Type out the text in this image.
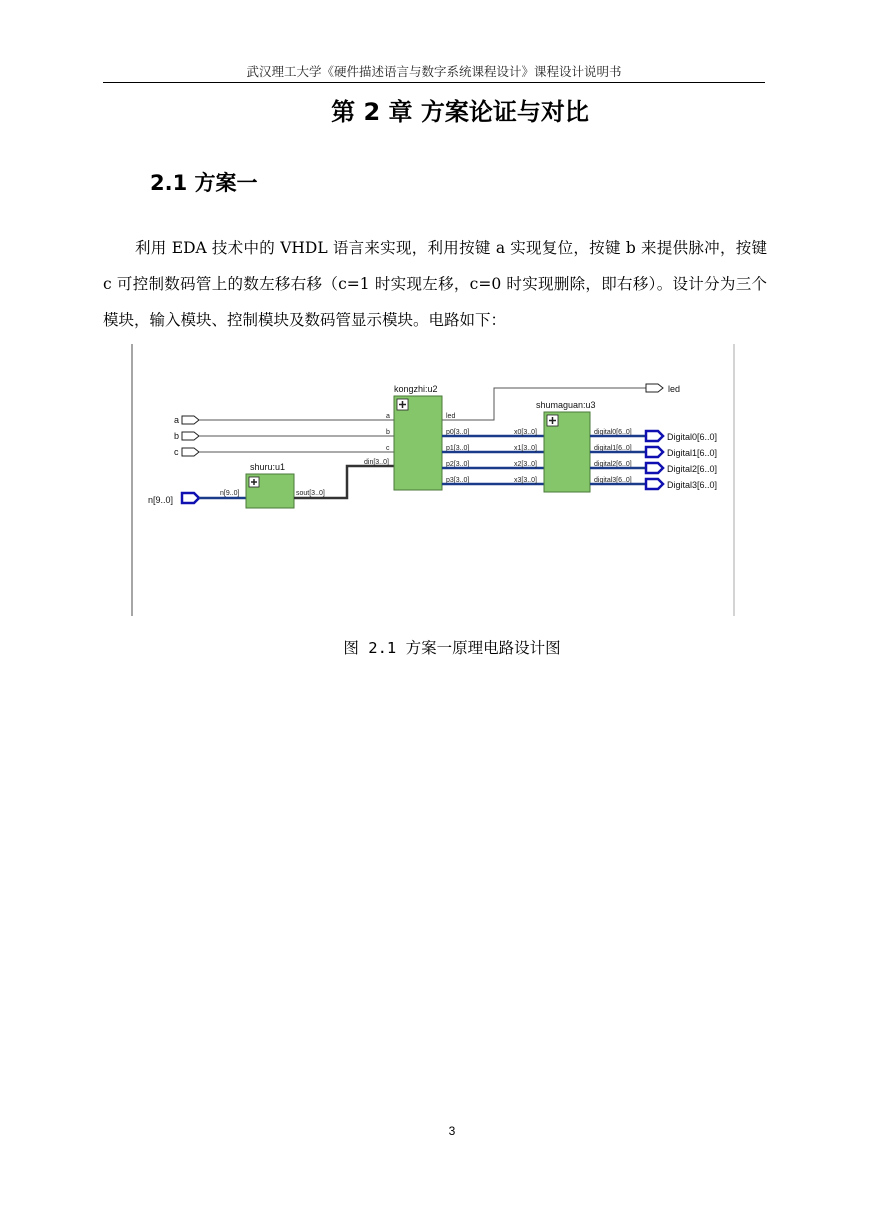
武汉理工大学《硬件描述语言与数字系统课程设计》课程设计说明书
第 2 章 方案论证与对比
2.1 方案一
利用 EDA 技术中的 VHDL 语言来实现，利用按键 a 实现复位，按键 b 来提供脉冲，按键 c 可控制数码管上的数左移右移（c=1 时实现左移，c=0 时实现删除，即右移）。设计分为三个模块，输入模块、控制模块及数码管显示模块。电路如下：
a
b
c
n[9..0]
shuru:u1
n[9..0]	sout[3..0]
kongzhi:u2
a
b
c
din[3..0]
led
p0[3..0]
p1[3..0]
p2[3..0]
p3[3..0]
led
shumaguan:u3
x0[3..0]
x1[3..0]
x2[3..0]
x3[3..0]
digital0[6..0]
digital1[6..0]
digital2[6..0]
digital3[6..0]
Digital0[6..0]
Digital1[6..0]
Digital2[6..0]
Digital3[6..0]
图 2.1 方案一原理电路设计图
3
